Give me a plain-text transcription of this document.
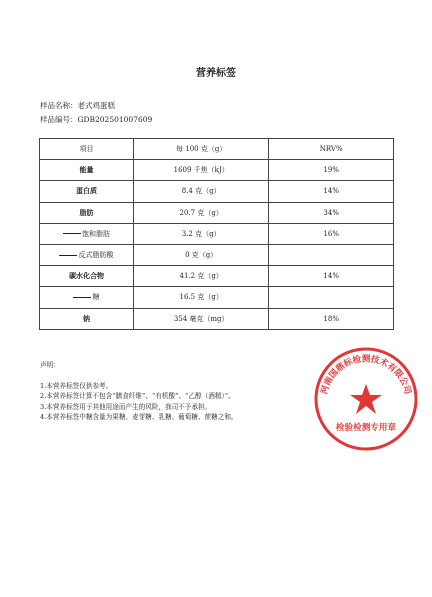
营养标签
样品名称：老式鸡蛋糕
样品编号：GDB202501007609
项目	每 100 克（g）	NRV%
能量	1609 千焦（kJ）	19%
蛋白质	8.4 克（g）	14%
脂肪	20.7 克（g）	34%
饱和脂肪	3.2 克（g）	16%
反式脂肪酸	0 克（g）	
碳水化合物	41.2 克（g）	14%
糖	16.5 克（g）	
钠	354 毫克（mg）	18%
声明：
1.本营养标签仅供参考。
2.本营养标签计算不包含“膳食纤维”、“有机酸”、“乙醇（酒精）”。
3.本营养标签用于其他用途而产生的风险，我司不予承担。
4.本营养标签中糖含量为果糖、麦芽糖、乳糖、葡萄糖、蔗糖之和。
河南国鼎标检测技术有限公司
检验检测专用章
